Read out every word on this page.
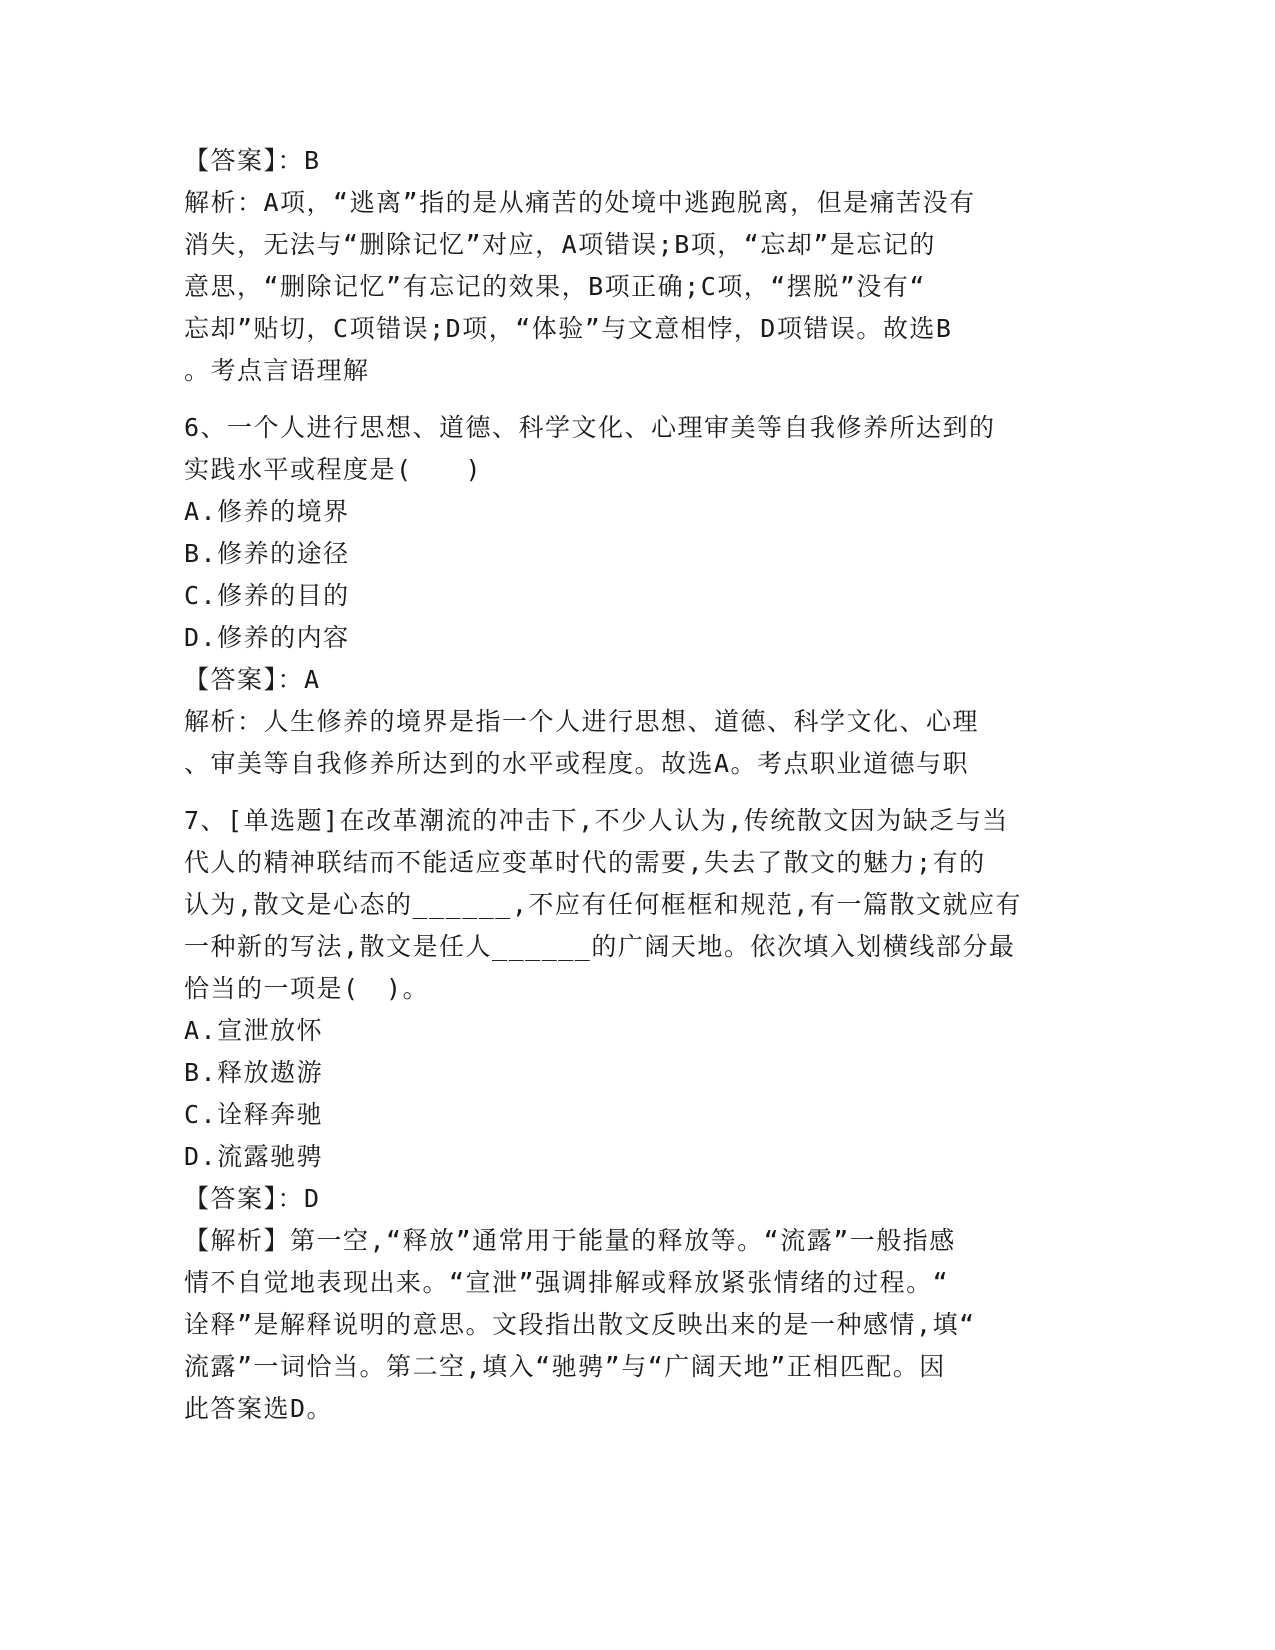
【答案】：B
解析：A项，“逃离”指的是从痛苦的处境中逃跑脱离，但是痛苦没有
消失，无法与“删除记忆”对应，A项错误;B项，“忘却”是忘记的
意思，“删除记忆”有忘记的效果，B项正确;C项，“摆脱”没有“
忘却”贴切，C项错误;D项，“体验”与文意相悖，D项错误。故选B
。考点言语理解
6、一个人进行思想、道德、科学文化、心理审美等自我修养所达到的
实践水平或程度是(　　)
A.修养的境界
B.修养的途径
C.修养的目的
D.修养的内容
【答案】：A
解析：人生修养的境界是指一个人进行思想、道德、科学文化、心理
、审美等自我修养所达到的水平或程度。故选A。考点职业道德与职
7、[单选题]在改革潮流的冲击下,不少人认为,传统散文因为缺乏与当
代人的精神联结而不能适应变革时代的需要,失去了散文的魅力;有的
认为,散文是心态的______,不应有任何框框和规范,有一篇散文就应有
一种新的写法,散文是任人______的广阔天地。依次填入划横线部分最
恰当的一项是(　)。
A.宣泄放怀
B.释放遨游
C.诠释奔驰
D.流露驰骋
【答案】：D
【解析】第一空,“释放”通常用于能量的释放等。“流露”一般指感
情不自觉地表现出来。“宣泄”强调排解或释放紧张情绪的过程。“
诠释”是解释说明的意思。文段指出散文反映出来的是一种感情,填“
流露”一词恰当。第二空,填入“驰骋”与“广阔天地”正相匹配。因
此答案选D。
